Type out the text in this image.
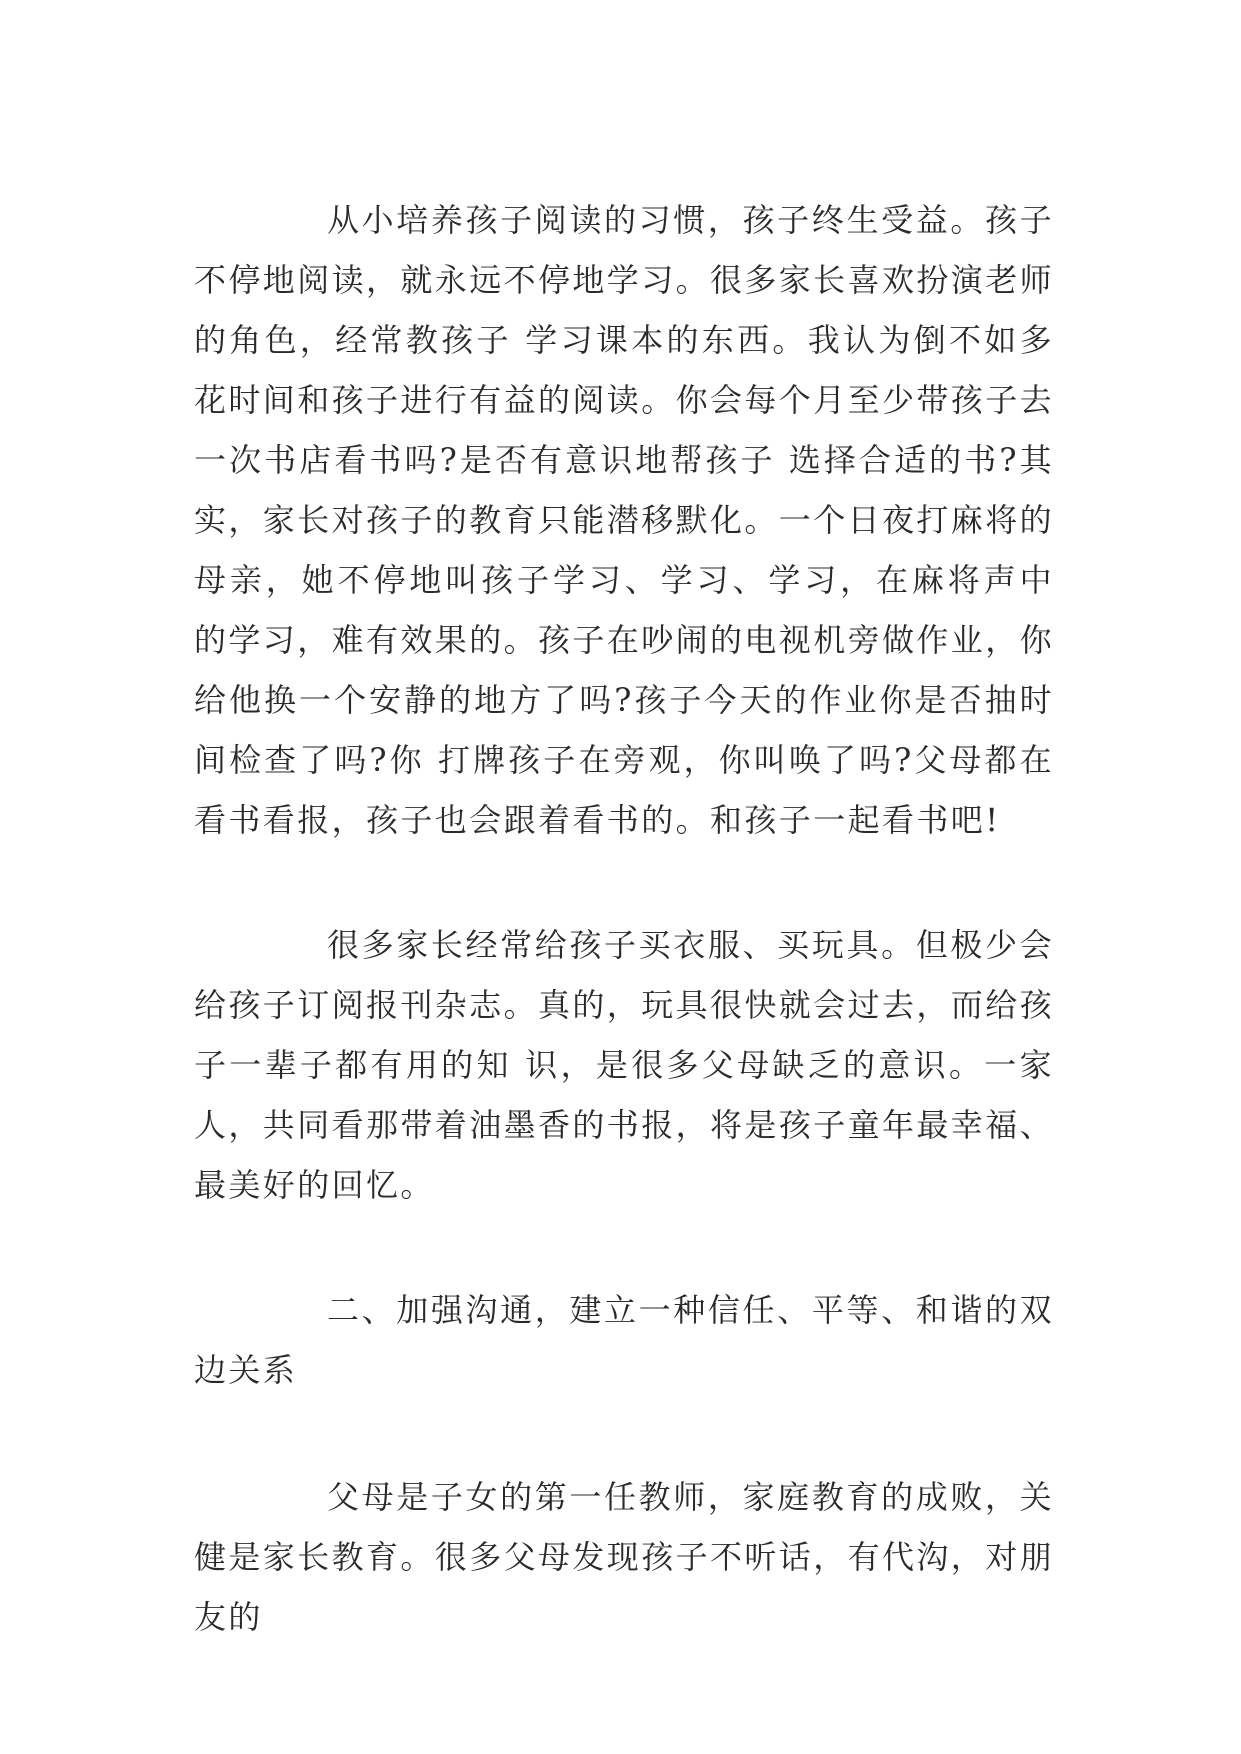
从小培养孩子阅读的习惯，孩子终生受益。孩子不停地阅读，就永远不停地学习。很多家长喜欢扮演老师的角色，经常教孩子 学习课本的东西。我认为倒不如多花时间和孩子进行有益的阅读。你会每个月至少带孩子去一次书店看书吗?是否有意识地帮孩子 选择合适的书?其实，家长对孩子的教育只能潜移默化。一个日夜打麻将的母亲，她不停地叫孩子学习、学习、学习，在麻将声中 的学习，难有效果的。孩子在吵闹的电视机旁做作业，你给他换一个安静的地方了吗?孩子今天的作业你是否抽时间检查了吗?你 打牌孩子在旁观，你叫唤了吗?父母都在看书看报，孩子也会跟着看书的。和孩子一起看书吧!

很多家长经常给孩子买衣服、买玩具。但极少会给孩子订阅报刊杂志。真的，玩具很快就会过去，而给孩子一辈子都有用的知 识，是很多父母缺乏的意识。一家人，共同看那带着油墨香的书报，将是孩子童年最幸福、最美好的回忆。

二、加强沟通，建立一种信任、平等、和谐的双边关系

父母是子女的第一任教师，家庭教育的成败，关健是家长教育。很多父母发现孩子不听话，有代沟，对朋友的
